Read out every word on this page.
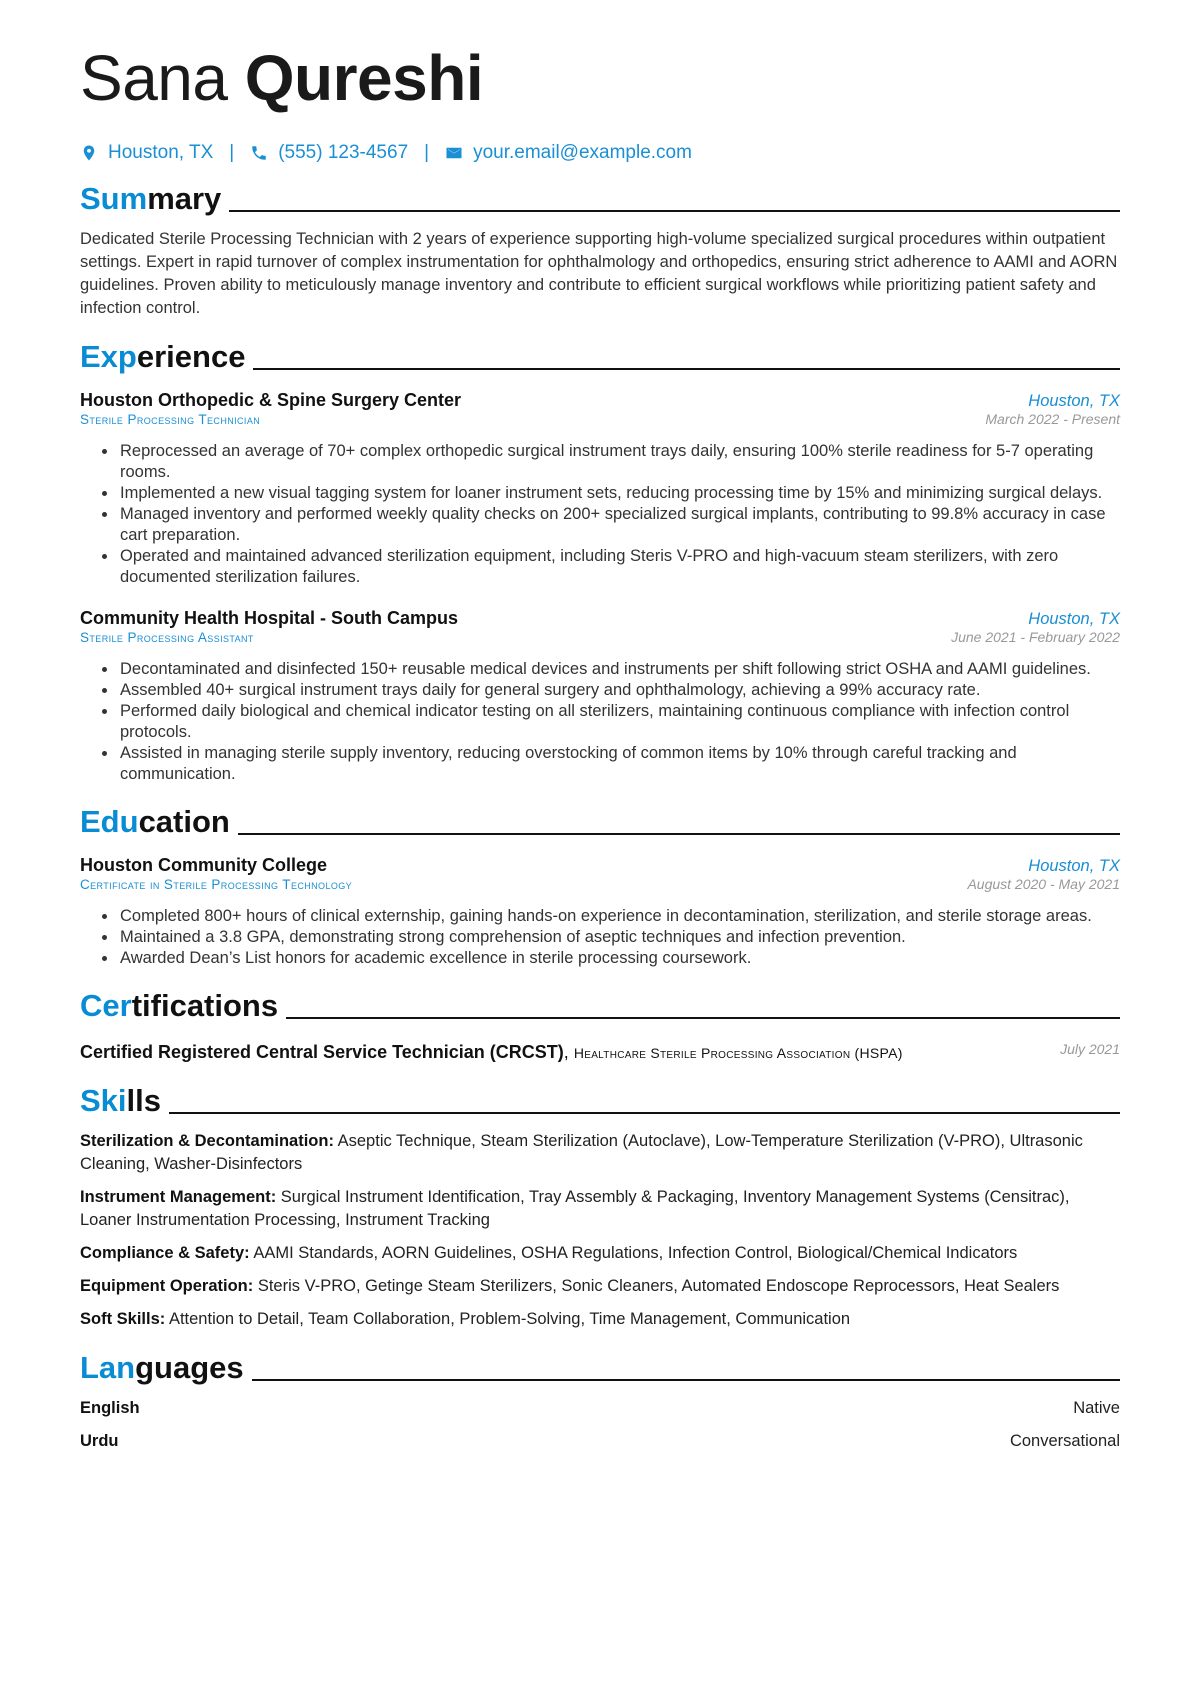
Sana Qureshi
Houston, TX | (555) 123-4567 | your.email@example.com
Sum mary

Dedicated Sterile Processing Technician with 2 years of experience supporting high-volume specialized surgical procedures within outpatient settings. Expert in rapid turnover of complex instrumentation for ophthalmology and orthopedics, ensuring strict adherence to AAMI and AORN guidelines. Proven ability to meticulously manage inventory and contribute to efficient surgical workflows while prioritizing patient safety and infection control.

Exp erience
Houston Orthopedic & Spine Surgery Center	Houston, TX
Sterile Processing Technician	March 2022 - Present
• Reprocessed an average of 70+ complex orthopedic surgical instrument trays daily, ensuring 100% sterile readiness for 5-7 operating rooms.
• Implemented a new visual tagging system for loaner instrument sets, reducing processing time by 15% and minimizing surgical delays.
• Managed inventory and performed weekly quality checks on 200+ specialized surgical implants, contributing to 99.8% accuracy in case cart preparation.
• Operated and maintained advanced sterilization equipment, including Steris V-PRO and high-vacuum steam sterilizers, with zero documented sterilization failures.
Community Health Hospital - South Campus	Houston, TX
Sterile Processing Assistant	June 2021 - February 2022
• Decontaminated and disinfected 150+ reusable medical devices and instruments per shift following strict OSHA and AAMI guidelines.
• Assembled 40+ surgical instrument trays daily for general surgery and ophthalmology, achieving a 99% accuracy rate.
• Performed daily biological and chemical indicator testing on all sterilizers, maintaining continuous compliance with infection control protocols.
• Assisted in managing sterile supply inventory, reducing overstocking of common items by 10% through careful tracking and communication.
Edu cation
Houston Community College	Houston, TX
Certificate in Sterile Processing Technology	August 2020 - May 2021
• Completed 800+ hours of clinical externship, gaining hands-on experience in decontamination, sterilization, and sterile storage areas.
• Maintained a 3.8 GPA, demonstrating strong comprehension of aseptic techniques and infection prevention.
• Awarded Dean’s List honors for academic excellence in sterile processing coursework.
Cer tifications
Certified Registered Central Service Technician (CRCST), Healthcare Sterile Processing Association (HSPA)	July 2021
Ski lls

Sterilization & Decontamination: Aseptic Technique, Steam Sterilization (Autoclave), Low-Temperature Sterilization (V-PRO), Ultrasonic Cleaning, Washer-Disinfectors

Instrument Management: Surgical Instrument Identification, Tray Assembly & Packaging, Inventory Management Systems (Censitrac), Loaner Instrumentation Processing, Instrument Tracking

Compliance & Safety: AAMI Standards, AORN Guidelines, OSHA Regulations, Infection Control, Biological/Chemical Indicators

Equipment Operation: Steris V-PRO, Getinge Steam Sterilizers, Sonic Cleaners, Automated Endoscope Reprocessors, Heat Sealers

Soft Skills: Attention to Detail, Team Collaboration, Problem-Solving, Time Management, Communication

Lan guages
English	Native
Urdu	Conversational
